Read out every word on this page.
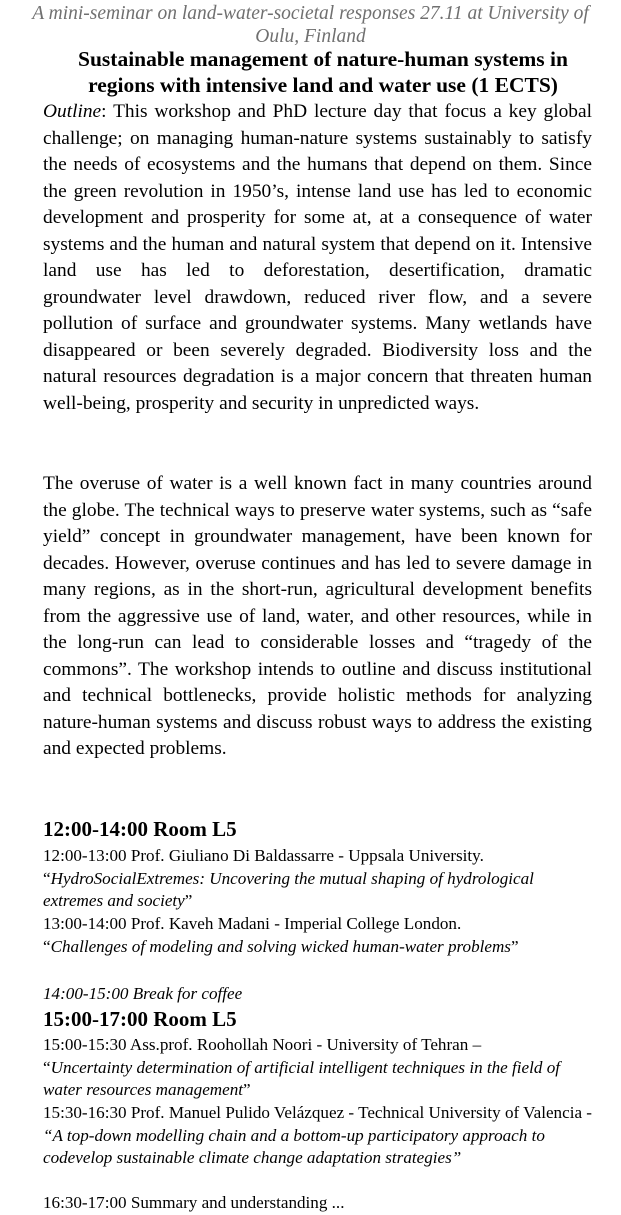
A mini-seminar on land-water-societal responses 27.11 at University of Oulu, Finland
Sustainable management of nature-human systems in regions with intensive land and water use (1 ECTS)
Outline: This workshop and PhD lecture day that focus a key global challenge; on managing human-nature systems sustainably to satisfy the needs of ecosystems and the humans that depend on them. Since the green revolution in 1950’s, intense land use has led to economic development and prosperity for some at, at a consequence of water systems and the human and natural system that depend on it. Intensive land use has led to deforestation, desertification, dramatic groundwater level drawdown, reduced river flow, and a severe pollution of surface and groundwater systems. Many wetlands have disappeared or been severely degraded. Biodiversity loss and the natural resources degradation is a major concern that threaten human well-being, prosperity and security in unpredicted ways.
The overuse of water is a well known fact in many countries around the globe. The technical ways to preserve water systems, such as “safe yield” concept in groundwater management, have been known for decades. However, overuse continues and has led to severe damage in many regions, as in the short-run, agricultural development benefits from the aggressive use of land, water, and other resources, while in the long-run can lead to considerable losses and “tragedy of the commons”. The workshop intends to outline and discuss institutional and technical bottlenecks, provide holistic methods for analyzing nature-human systems and discuss robust ways to address the existing and expected problems.
12:00-14:00 Room L5
12:00-13:00 Prof. Giuliano Di Baldassarre - Uppsala University.
“HydroSocialExtremes: Uncovering the mutual shaping of hydrological extremes and society”
13:00-14:00 Prof. Kaveh Madani - Imperial College London.
“Challenges of modeling and solving wicked human-water problems”
14:00-15:00 Break for coffee
15:00-17:00 Room L5
15:00-15:30 Ass.prof. Roohollah Noori - University of Tehran –
“Uncertainty determination of artificial intelligent techniques in the field of water resources management”
15:30-16:30 Prof. Manuel Pulido Velázquez - Technical University of Valencia - “A top-down modelling chain and a bottom-up participatory approach to codevelop sustainable climate change adaptation strategies”
16:30-17:00 Summary and understanding ...
